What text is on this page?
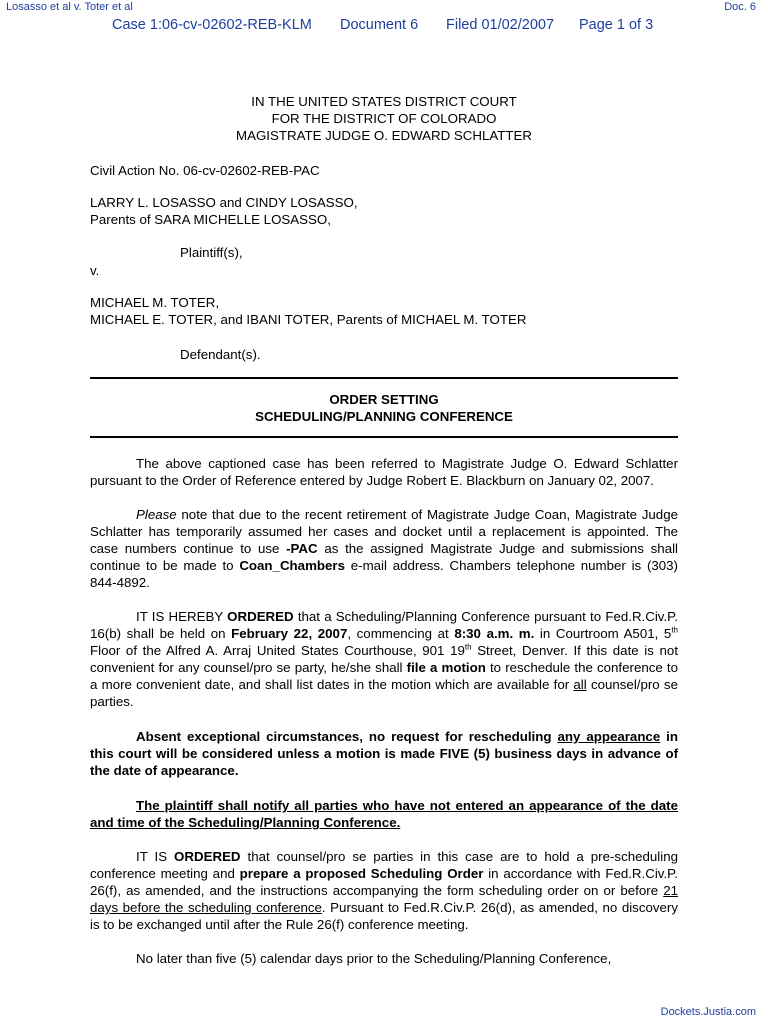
Losasso et al v. Toter et al	Doc. 6
Case 1:06-cv-02602-REB-KLM Document 6 Filed 01/02/2007 Page 1 of 3
IN THE UNITED STATES DISTRICT COURT
FOR THE DISTRICT OF COLORADO
MAGISTRATE JUDGE O. EDWARD SCHLATTER
Civil Action No. 06-cv-02602-REB-PAC
LARRY L. LOSASSO and CINDY LOSASSO,
Parents of SARA MICHELLE LOSASSO,
Plaintiff(s),
v.
MICHAEL M. TOTER,
MICHAEL E. TOTER, and IBANI TOTER, Parents of MICHAEL M. TOTER
Defendant(s).
ORDER SETTING
SCHEDULING/PLANNING CONFERENCE
The above captioned case has been referred to Magistrate Judge O. Edward Schlatter pursuant to the Order of Reference entered by Judge Robert E. Blackburn on January 02, 2007.
Please note that due to the recent retirement of Magistrate Judge Coan, Magistrate Judge Schlatter has temporarily assumed her cases and docket until a replacement is appointed. The case numbers continue to use -PAC as the assigned Magistrate Judge and submissions shall continue to be made to Coan_Chambers e-mail address. Chambers telephone number is (303) 844-4892.
IT IS HEREBY ORDERED that a Scheduling/Planning Conference pursuant to Fed.R.Civ.P. 16(b) shall be held on February 22, 2007, commencing at 8:30 a.m. m. in Courtroom A501, 5th Floor of the Alfred A. Arraj United States Courthouse, 901 19th Street, Denver. If this date is not convenient for any counsel/pro se party, he/she shall file a motion to reschedule the conference to a more convenient date, and shall list dates in the motion which are available for all counsel/pro se parties.
Absent exceptional circumstances, no request for rescheduling any appearance in this court will be considered unless a motion is made FIVE (5) business days in advance of the date of appearance.
The plaintiff shall notify all parties who have not entered an appearance of the date and time of the Scheduling/Planning Conference.
IT IS ORDERED that counsel/pro se parties in this case are to hold a pre-scheduling conference meeting and prepare a proposed Scheduling Order in accordance with Fed.R.Civ.P. 26(f), as amended, and the instructions accompanying the form scheduling order on or before 21 days before the scheduling conference. Pursuant to Fed.R.Civ.P. 26(d), as amended, no discovery is to be exchanged until after the Rule 26(f) conference meeting.
No later than five (5) calendar days prior to the Scheduling/Planning Conference,
Dockets.Justia.com
